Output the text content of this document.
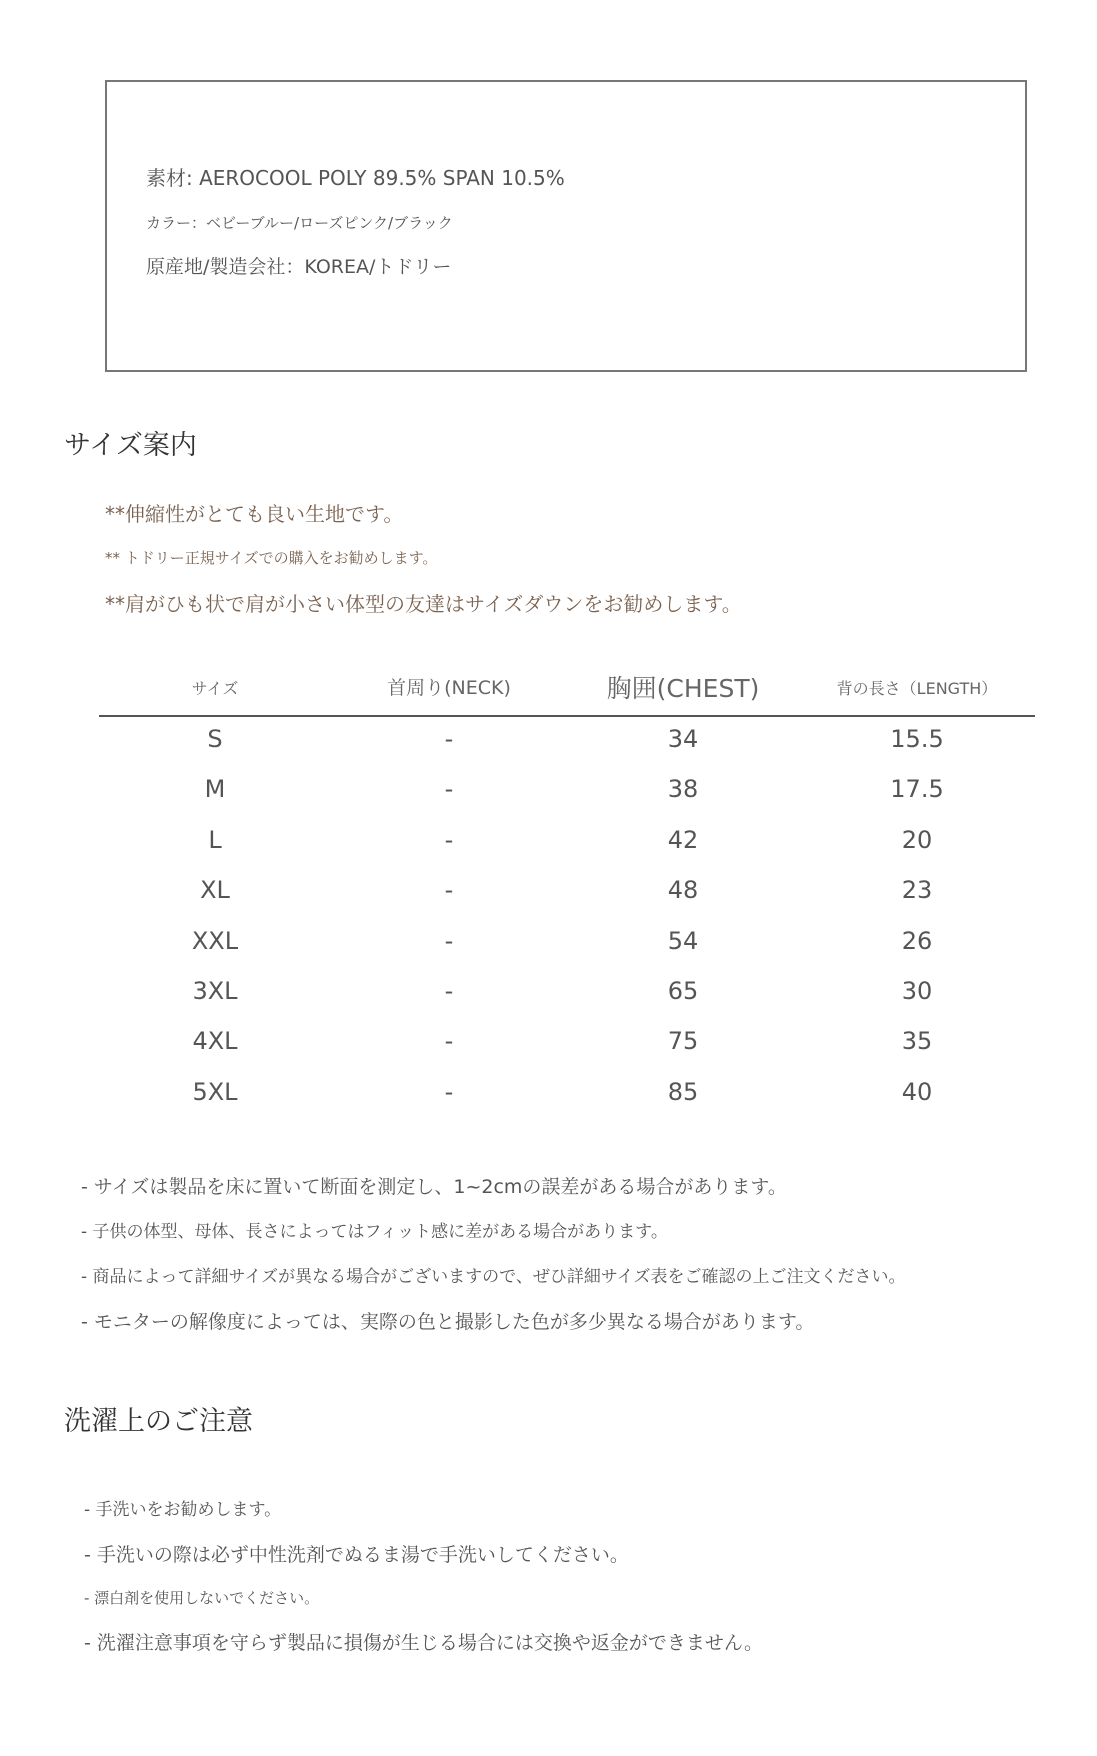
素材: AEROCOOL POLY 89.5% SPAN 10.5%
カラー：ベビーブルー/ローズピンク/ブラック
原産地/製造会社：KOREA/トドリー
サイズ案内
**伸縮性がとても良い生地です。
** トドリー正規サイズでの購入をお勧めします。
**肩がひも状で肩が小さい体型の友達はサイズダウンをお勧めします。
サイズ	首周り(NECK)	胸囲(CHEST)	背の長さ（LENGTH）
S	-	34	15.5
M	-	38	17.5
L	-	42	20
XL	-	48	23
XXL	-	54	26
3XL	-	65	30
4XL	-	75	35
5XL	-	85	40
- サイズは製品を床に置いて断面を測定し、1~2cmの誤差がある場合があります。
- 子供の体型、母体、長さによってはフィット感に差がある場合があります。
- 商品によって詳細サイズが異なる場合がございますので、ぜひ詳細サイズ表をご確認の上ご注文ください。
- モニターの解像度によっては、実際の色と撮影した色が多少異なる場合があります。
洗濯上のご注意
- 手洗いをお勧めします。
- 手洗いの際は必ず中性洗剤でぬるま湯で手洗いしてください。
- 漂白剤を使用しないでください。
- 洗濯注意事項を守らず製品に損傷が生じる場合には交換や返金ができません。
